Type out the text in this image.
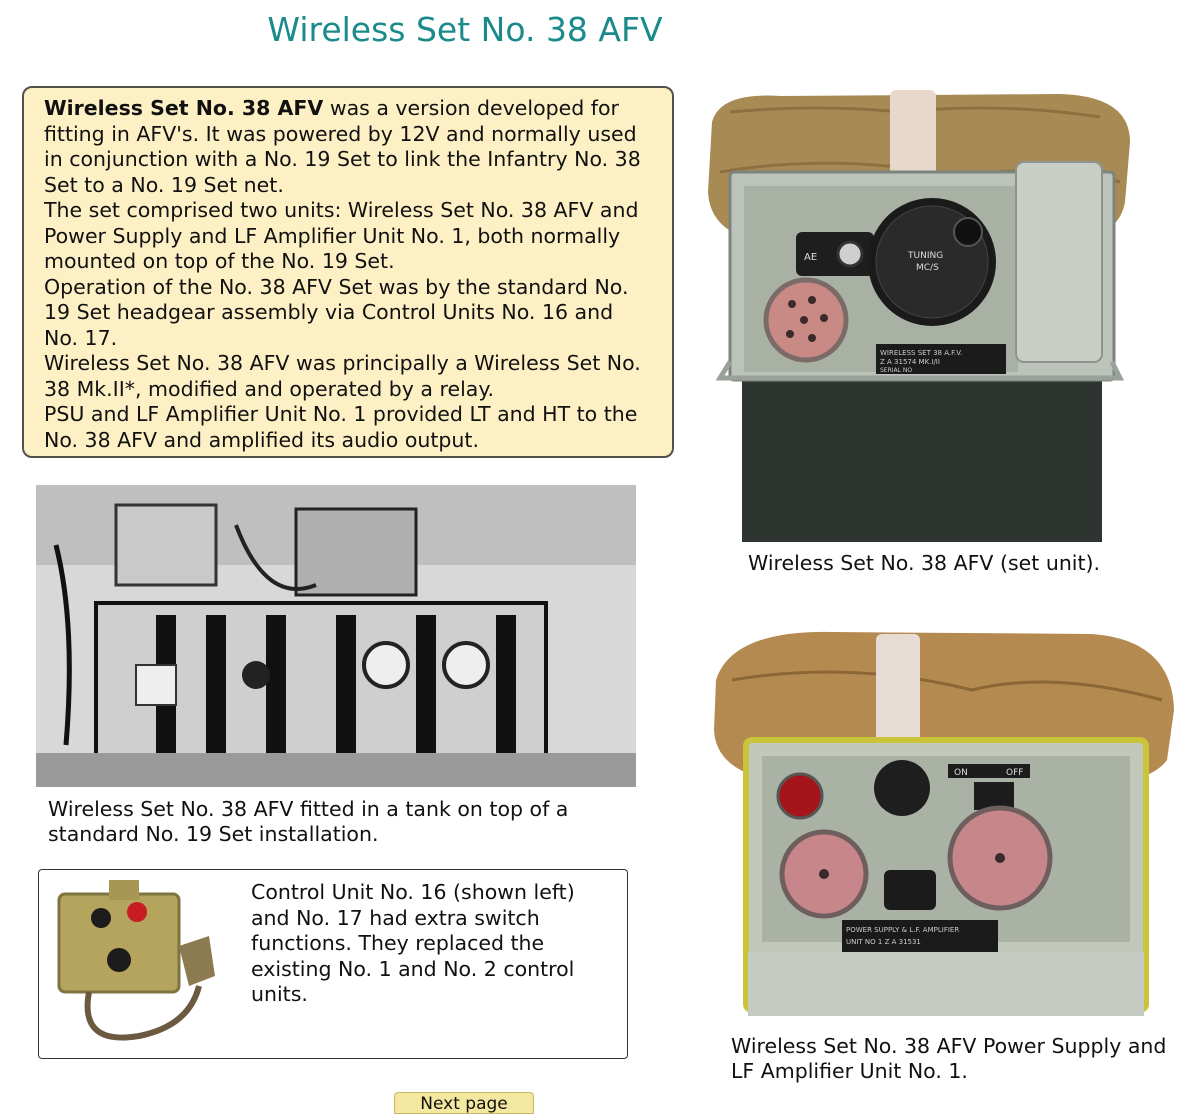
Wireless Set No. 38 AFV

Wireless Set No. 38 AFV was a version developed for fitting in AFV's. It was powered by 12V and normally used in conjunction with a No. 19 Set to link the Infantry No. 38 Set to a No. 19 Set net.

The set comprised two units: Wireless Set No. 38 AFV and Power Supply and LF Amplifier Unit No. 1, both normally mounted on top of the No. 19 Set.

Operation of the No. 38 AFV Set was by the standard No. 19 Set headgear assembly via Control Units No. 16 and No. 17.

Wireless Set No. 38 AFV was principally a Wireless Set No. 38 Mk.II*, modified and operated by a relay.

PSU and LF Amplifier Unit No. 1 provided LT and HT to the No. 38 AFV and amplified its audio output.

AE	TUNING
MC/S
WIRELESS SET 38 A.F.V.
Z A 31574 MK.I/II
SERIAL NO
Wireless Set No. 38 AFV (set unit).
Wireless Set No. 38 AFV fitted in a tank on top of a standard No. 19 Set installation.
Control Unit No. 16 (shown left) and No. 17 had extra switch functions. They replaced the existing No. 1 and No. 2 control units.
ON	OFF
POWER SUPPLY & L.F. AMPLIFIER
UNIT NO 1 Z A 31531
Wireless Set No. 38 AFV Power Supply and LF Amplifier Unit No. 1.
Next page
